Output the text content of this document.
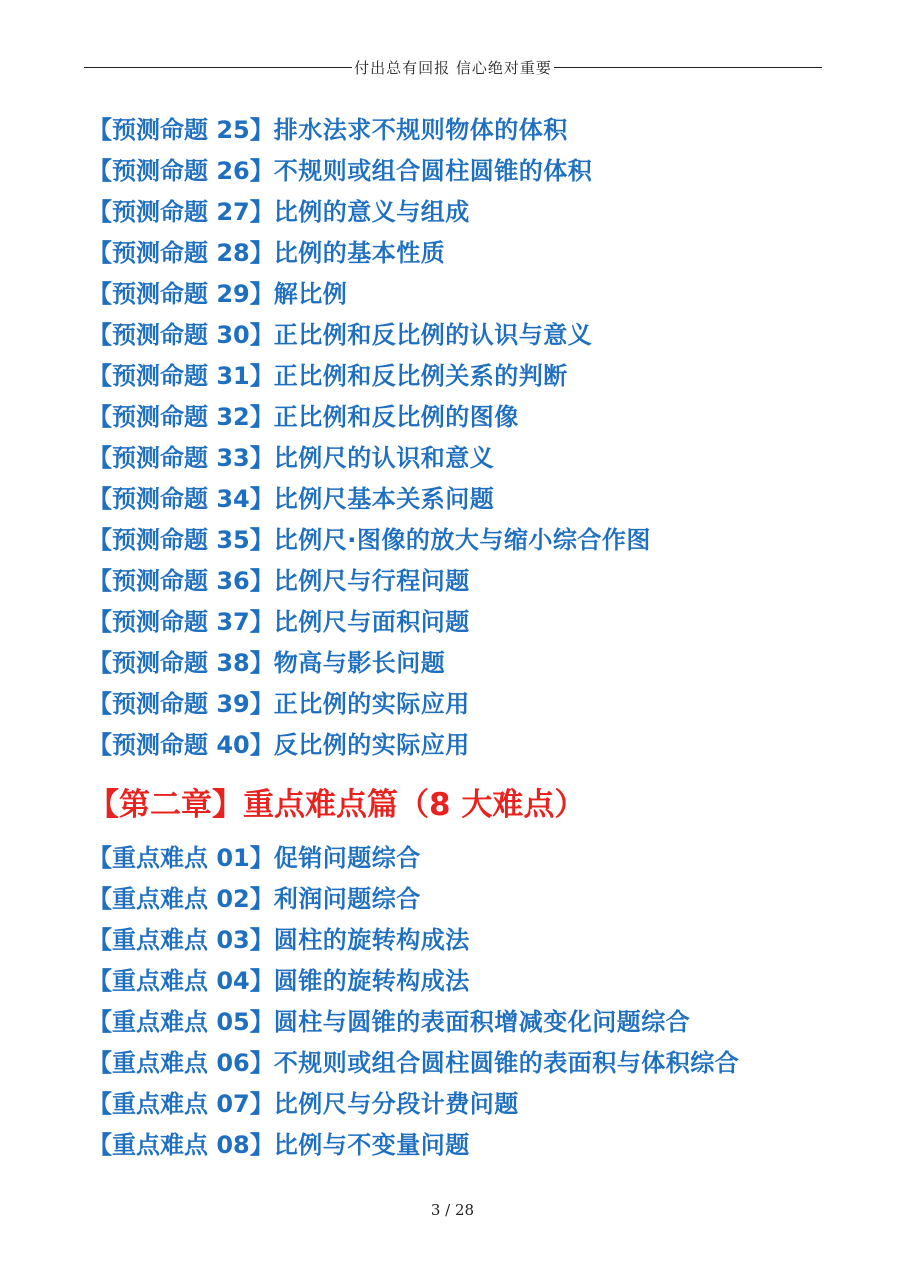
付出总有回报 信心绝对重要
【预测命题 25】排水法求不规则物体的体积
【预测命题 26】不规则或组合圆柱圆锥的体积
【预测命题 27】比例的意义与组成
【预测命题 28】比例的基本性质
【预测命题 29】解比例
【预测命题 30】正比例和反比例的认识与意义
【预测命题 31】正比例和反比例关系的判断
【预测命题 32】正比例和反比例的图像
【预测命题 33】比例尺的认识和意义
【预测命题 34】比例尺基本关系问题
【预测命题 35】比例尺·图像的放大与缩小综合作图
【预测命题 36】比例尺与行程问题
【预测命题 37】比例尺与面积问题
【预测命题 38】物高与影长问题
【预测命题 39】正比例的实际应用
【预测命题 40】反比例的实际应用
【第二章】重点难点篇（8 大难点）
【重点难点 01】促销问题综合
【重点难点 02】利润问题综合
【重点难点 03】圆柱的旋转构成法
【重点难点 04】圆锥的旋转构成法
【重点难点 05】圆柱与圆锥的表面积增减变化问题综合
【重点难点 06】不规则或组合圆柱圆锥的表面积与体积综合
【重点难点 07】比例尺与分段计费问题
【重点难点 08】比例与不变量问题
3 / 28
